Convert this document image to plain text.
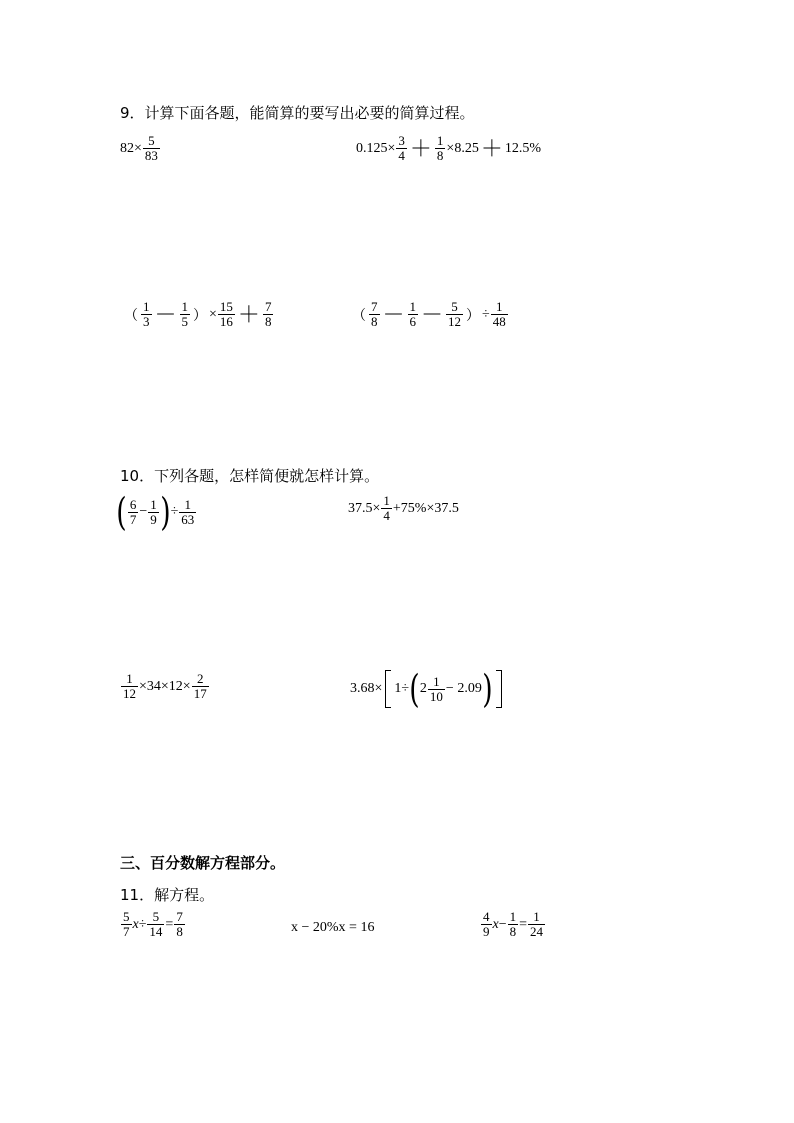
9．计算下面各题，能简算的要写出必要的简算过程。
$82\times \frac{5}{83}$	$0.125\times \frac{3}{4} + \frac{1}{8} \times 8.25 + 12.5\%$
（ $\frac{1}{3} - \frac{1}{5}$ ） × $\frac{15}{16} + \frac{7}{8}$	（ $\frac{7}{8} - \frac{1}{6} - \frac{5}{12}$ ） ÷ $\frac{1}{48}$
10．下列各题，怎样简便就怎样计算。
( $\frac{6}{7} - \frac{1}{9}$ ) ÷ $\frac{1}{63}$	$37.5\times \frac{1}{4} +75\%\times 37.5$
$\frac{1}{12} \times 34\times 12\times \frac{2}{17}$	3.68× 1÷ ( $2 \frac{1}{10} - 2.09$ )
三、百分数解方程部分。
11．解方程。
$\frac{5}{7}$ $x \div \frac{5}{14} = \frac{7}{8}$	x − 20%x = 16	$\frac{4}{9}$ $x - \frac{1}{8} = \frac{1}{24}$
